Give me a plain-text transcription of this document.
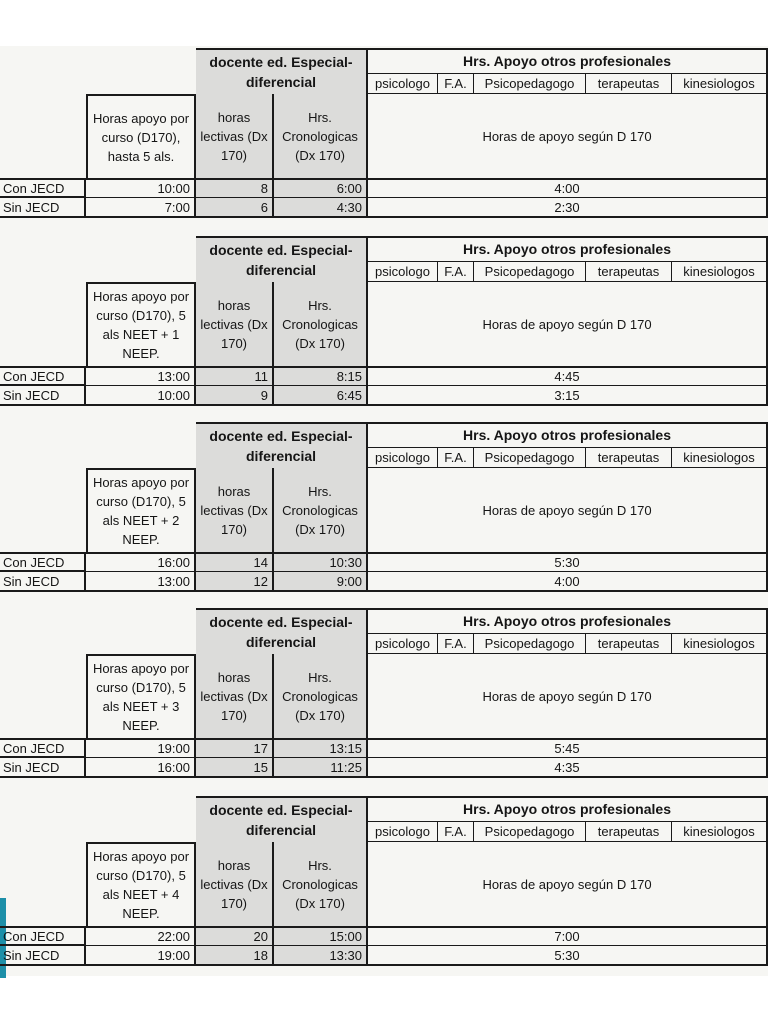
docente ed. Especial-diferencial
Hrs. Apoyo otros profesionales
psicologo F.A. Psicopedagogo terapeutas kinesiologos
Horas apoyo por curso (D170), hasta 5 als.
horas lectivas (Dx 170)
Hrs. Cronologicas (Dx 170)
Horas de apoyo según D 170
Con JECD	10:00	8	6:00	4:00
Sin JECD	7:00	6	4:30	2:30
docente ed. Especial-diferencial
Hrs. Apoyo otros profesionales
psicologo F.A. Psicopedagogo terapeutas kinesiologos
Horas apoyo por curso (D170), 5 als NEET + 1 NEEP.
horas lectivas (Dx 170)
Hrs. Cronologicas (Dx 170)
Horas de apoyo según D 170
Con JECD	13:00	11	8:15	4:45
Sin JECD	10:00	9	6:45	3:15
docente ed. Especial-diferencial
Hrs. Apoyo otros profesionales
psicologo F.A. Psicopedagogo terapeutas kinesiologos
Horas apoyo por curso (D170), 5 als NEET + 2 NEEP.
horas lectivas (Dx 170)
Hrs. Cronologicas (Dx 170)
Horas de apoyo según D 170
Con JECD	16:00	14	10:30	5:30
Sin JECD	13:00	12	9:00	4:00
docente ed. Especial-diferencial
Hrs. Apoyo otros profesionales
psicologo F.A. Psicopedagogo terapeutas kinesiologos
Horas apoyo por curso (D170), 5 als NEET + 3 NEEP.
horas lectivas (Dx 170)
Hrs. Cronologicas (Dx 170)
Horas de apoyo según D 170
Con JECD	19:00	17	13:15	5:45
Sin JECD	16:00	15	11:25	4:35
docente ed. Especial-diferencial
Hrs. Apoyo otros profesionales
psicologo F.A. Psicopedagogo terapeutas kinesiologos
Horas apoyo por curso (D170), 5 als NEET + 4 NEEP.
horas lectivas (Dx 170)
Hrs. Cronologicas (Dx 170)
Horas de apoyo según D 170
Con JECD	22:00	20	15:00	7:00
Sin JECD	19:00	18	13:30	5:30
